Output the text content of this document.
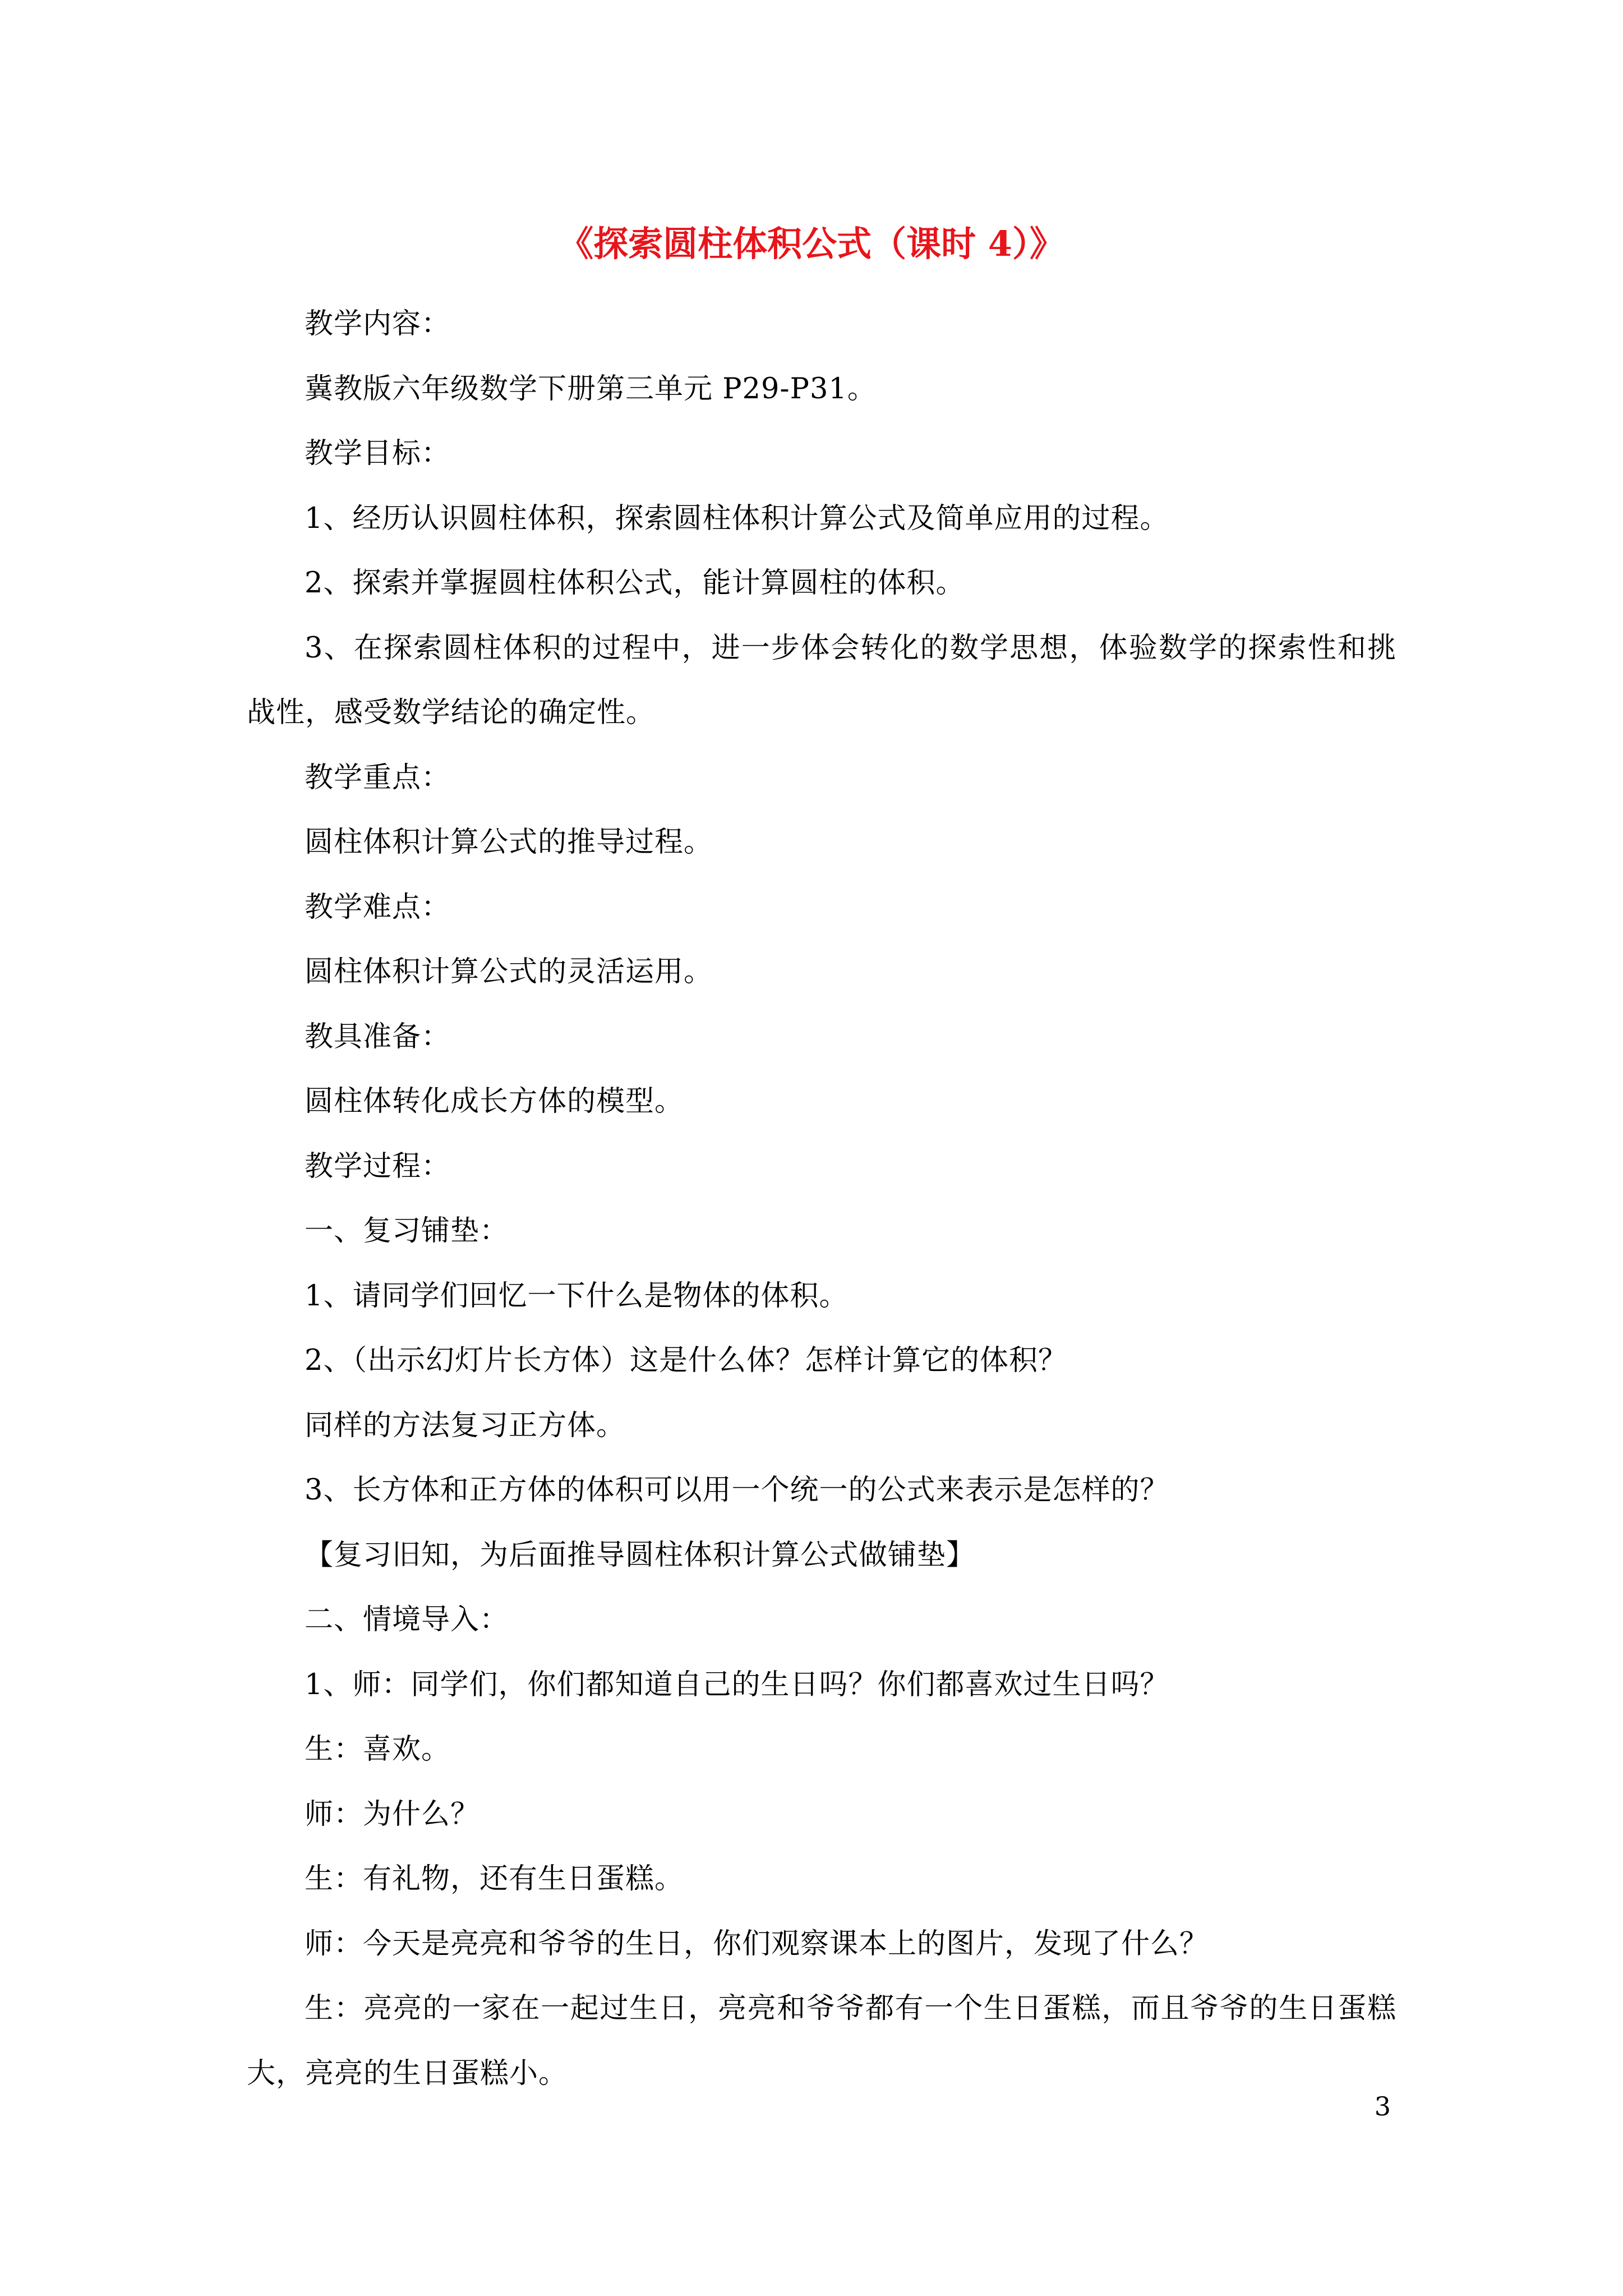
《探索圆柱体积公式（课时 4）》
教学内容：
冀教版六年级数学下册第三单元 P29-P31。
教学目标：
1、经历认识圆柱体积，探索圆柱体积计算公式及简单应用的过程。
2、探索并掌握圆柱体积公式，能计算圆柱的体积。
3、在探索圆柱体积的过程中，进一步体会转化的数学思想，体验数学的探索性和挑战性，感受数学结论的确定性。
教学重点：
圆柱体积计算公式的推导过程。
教学难点：
圆柱体积计算公式的灵活运用。
教具准备：
圆柱体转化成长方体的模型。
教学过程：
一、复习铺垫：
1、请同学们回忆一下什么是物体的体积。
2、（出示幻灯片长方体）这是什么体？怎样计算它的体积？
同样的方法复习正方体。
3、长方体和正方体的体积可以用一个统一的公式来表示是怎样的？
【复习旧知，为后面推导圆柱体积计算公式做铺垫】
二、情境导入：
1、师：同学们，你们都知道自己的生日吗？你们都喜欢过生日吗？
生：喜欢。
师：为什么？
生：有礼物，还有生日蛋糕。
师：今天是亮亮和爷爷的生日，你们观察课本上的图片，发现了什么？
生：亮亮的一家在一起过生日，亮亮和爷爷都有一个生日蛋糕，而且爷爷的生日蛋糕大，亮亮的生日蛋糕小。
3
